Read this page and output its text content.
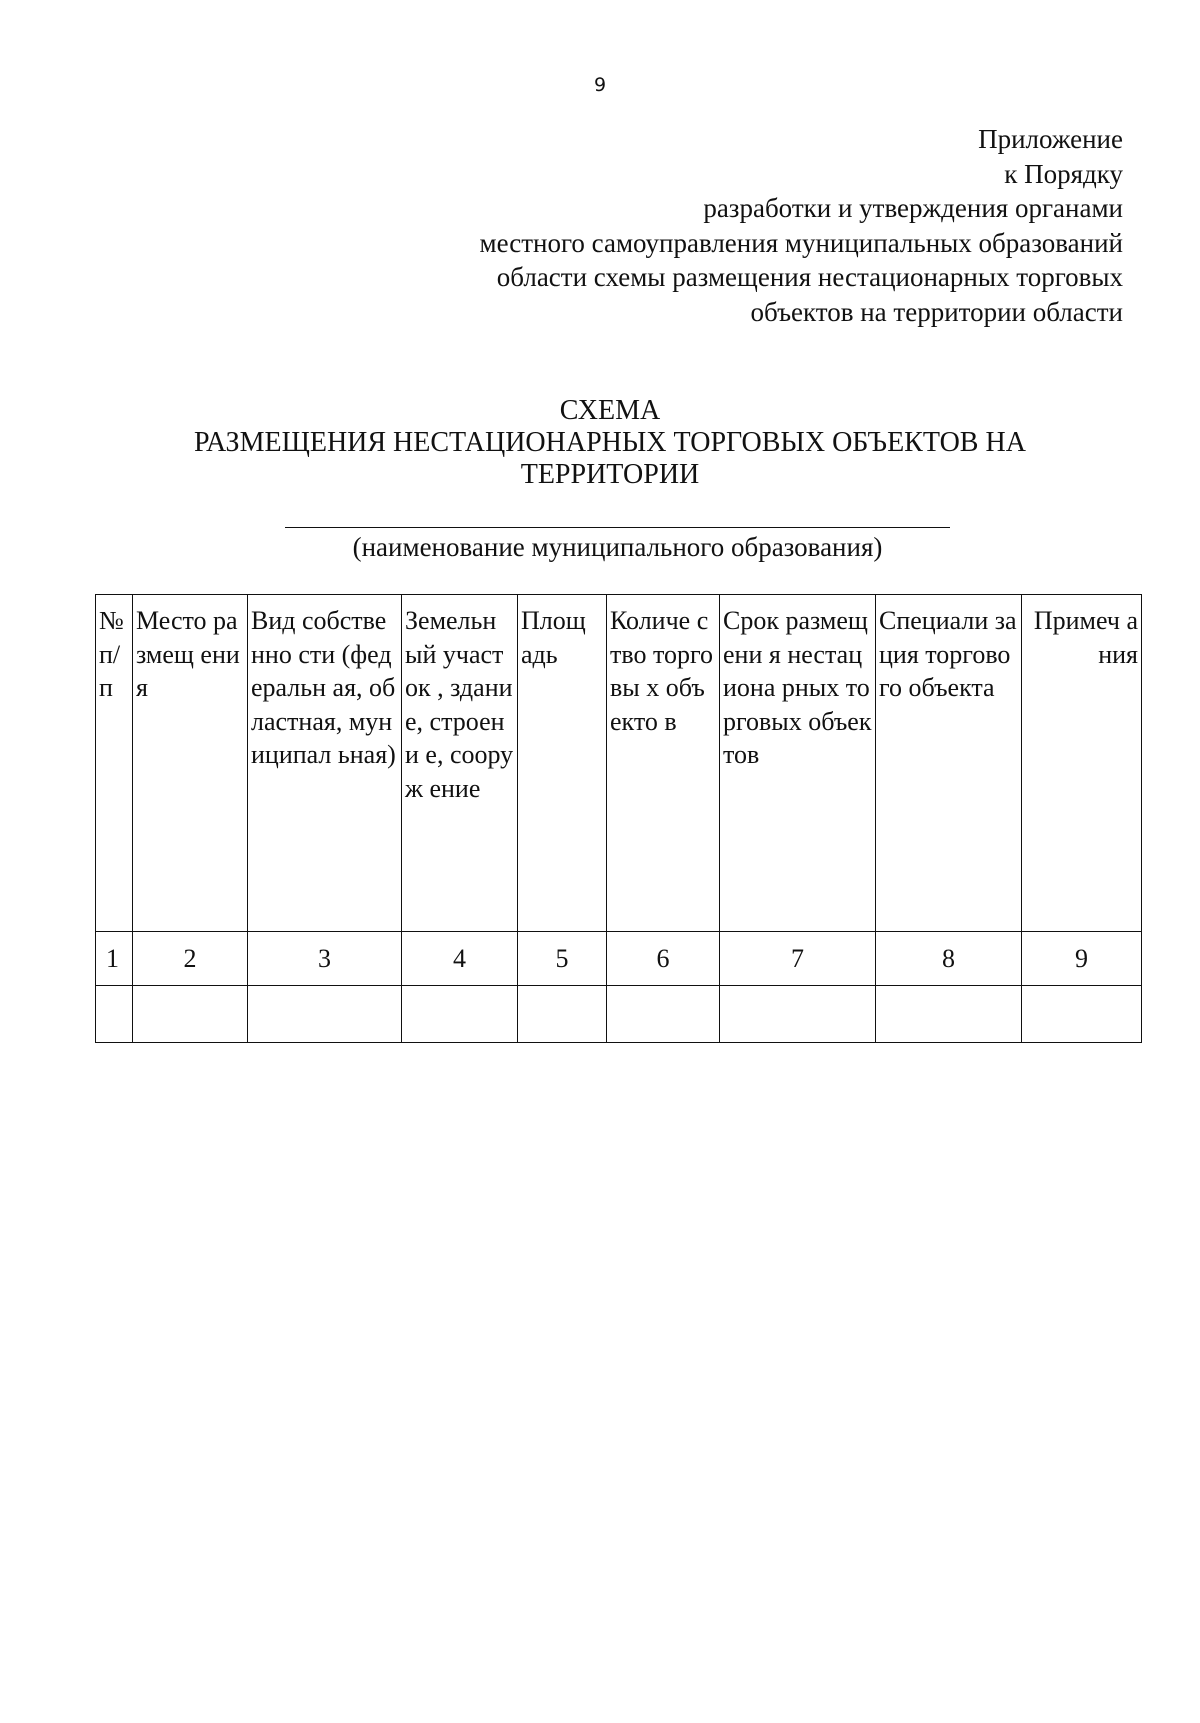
9
Приложение
к Порядку
разработки и утверждения органами
местного самоуправления муниципальных образований
области схемы размещения нестационарных торговых
объектов на территории области
СХЕМА
РАЗМЕЩЕНИЯ НЕСТАЦИОНАРНЫХ ТОРГОВЫХ ОБЪЕКТОВ НА
ТЕРРИТОРИИ
(наименование муниципального образования)
№ п/ п	Место размещ ения	Вид собственно сти (федеральн ая, областная, муниципал ьная)	Земельн ый участок , здание, строени е, сооруж ение	Площ адь	Количе ство торговы х объекто в	Срок размещени я нестациона рных торговых объектов	Специали зация торгового объекта	Примеч ания
1	2	3	4	5	6	7	8	9
